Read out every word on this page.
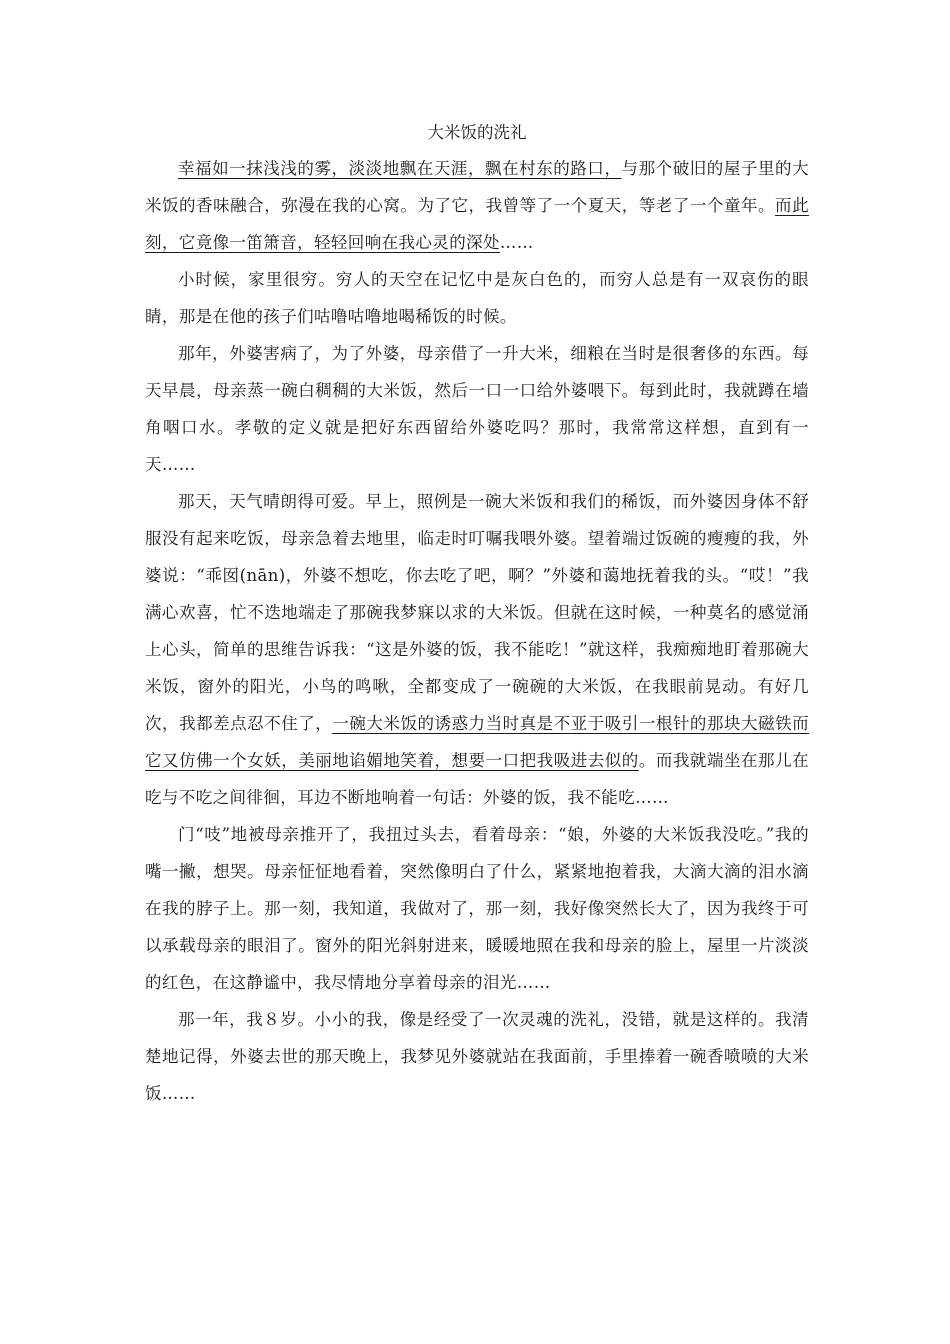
大米饭的洗礼

幸福如一抹浅浅的雾，淡淡地飘在天涯，飘在村东的路口，与那个破旧的屋子里的大米饭的香味融合，弥漫在我的心窝。为了它，我曾等了一个夏天，等老了一个童年。而此刻，它竟像一笛箫音，轻轻回响在我心灵的深处……

小时候，家里很穷。穷人的天空在记忆中是灰白色的，而穷人总是有一双哀伤的眼睛，那是在他的孩子们咕噜咕噜地喝稀饭的时候。

那年，外婆害病了，为了外婆，母亲借了一升大米，细粮在当时是很奢侈的东西。每天早晨，母亲蒸一碗白稠稠的大米饭，然后一口一口给外婆喂下。每到此时，我就蹲在墙角咽口水。孝敬的定义就是把好东西留给外婆吃吗？那时，我常常这样想，直到有一天……

那天，天气晴朗得可爱。早上，照例是一碗大米饭和我们的稀饭，而外婆因身体不舒服没有起来吃饭，母亲急着去地里，临走时叮嘱我喂外婆。望着端过饭碗的瘦瘦的我，外婆说：“乖囡(nān)，外婆不想吃，你去吃了吧，啊？”外婆和蔼地抚着我的头。“哎！”我满心欢喜，忙不迭地端走了那碗我梦寐以求的大米饭。但就在这时候，一种莫名的感觉涌上心头，简单的思维告诉我：“这是外婆的饭，我不能吃！”就这样，我痴痴地盯着那碗大米饭，窗外的阳光，小鸟的鸣啾，全都变成了一碗碗的大米饭，在我眼前晃动。有好几次，我都差点忍不住了，一碗大米饭的诱惑力当时真是不亚于吸引一根针的那块大磁铁而它又仿佛一个女妖，美丽地谄媚地笑着，想要一口把我吸进去似的。而我就端坐在那儿在吃与不吃之间徘徊，耳边不断地响着一句话：外婆的饭，我不能吃……

门“吱”地被母亲推开了，我扭过头去，看着母亲：“娘，外婆的大米饭我没吃。”我的嘴一撇，想哭。母亲怔怔地看着，突然像明白了什么，紧紧地抱着我，大滴大滴的泪水滴在我的脖子上。那一刻，我知道，我做对了，那一刻，我好像突然长大了，因为我终于可以承载母亲的眼泪了。窗外的阳光斜射进来，暖暖地照在我和母亲的脸上，屋里一片淡淡的红色，在这静谧中，我尽情地分享着母亲的泪光……

那一年，我８岁。小小的我，像是经受了一次灵魂的洗礼，没错，就是这样的。我清楚地记得，外婆去世的那天晚上，我梦见外婆就站在我面前，手里捧着一碗香喷喷的大米饭……
